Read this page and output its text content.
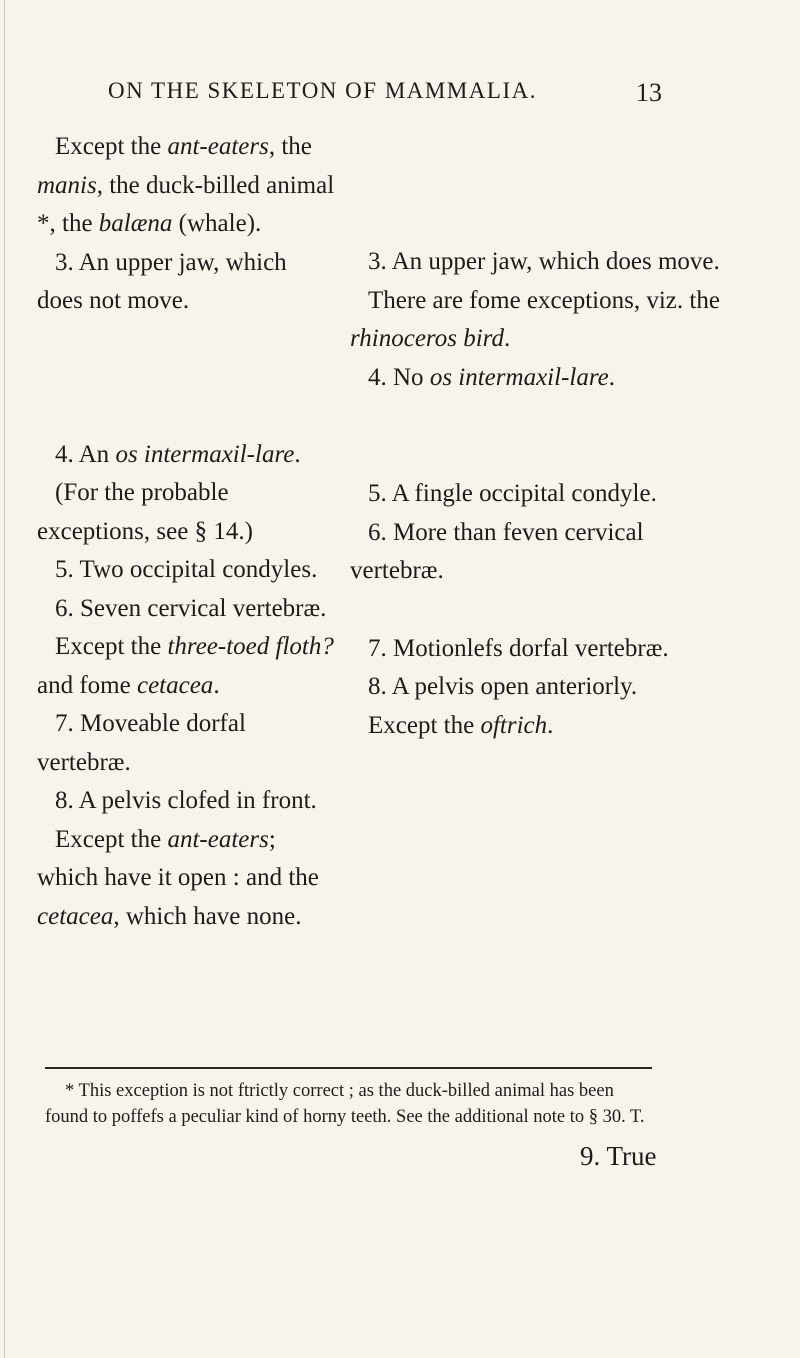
ON THE SKELETON OF MAMMALIA.	13

Except the ant-eaters, the manis, the duck-billed animal *, the balæna (whale).

3. An upper jaw, which does not move.

4. An os intermaxil-lare.

(For the probable exceptions, see § 14.)

5. Two occipital condyles.

6. Seven cervical vertebræ.

Except the three-toed floth? and fome cetacea.

7. Moveable dorfal vertebræ.

8. A pelvis clofed in front.

Except the ant-eaters; which have it open : and the cetacea, which have none.

3. An upper jaw, which does move.

There are fome exceptions, viz. the rhinoceros bird.

4. No os intermaxil-lare.

5. A fingle occipital condyle.

6. More than feven cervical vertebræ.

7. Motionlefs dorfal vertebræ.

8. A pelvis open anteriorly.

Except the oftrich.

* This exception is not ftrictly correct ; as the duck-billed animal has been found to poffefs a peculiar kind of horny teeth. See the additional note to § 30. T.

9. True
